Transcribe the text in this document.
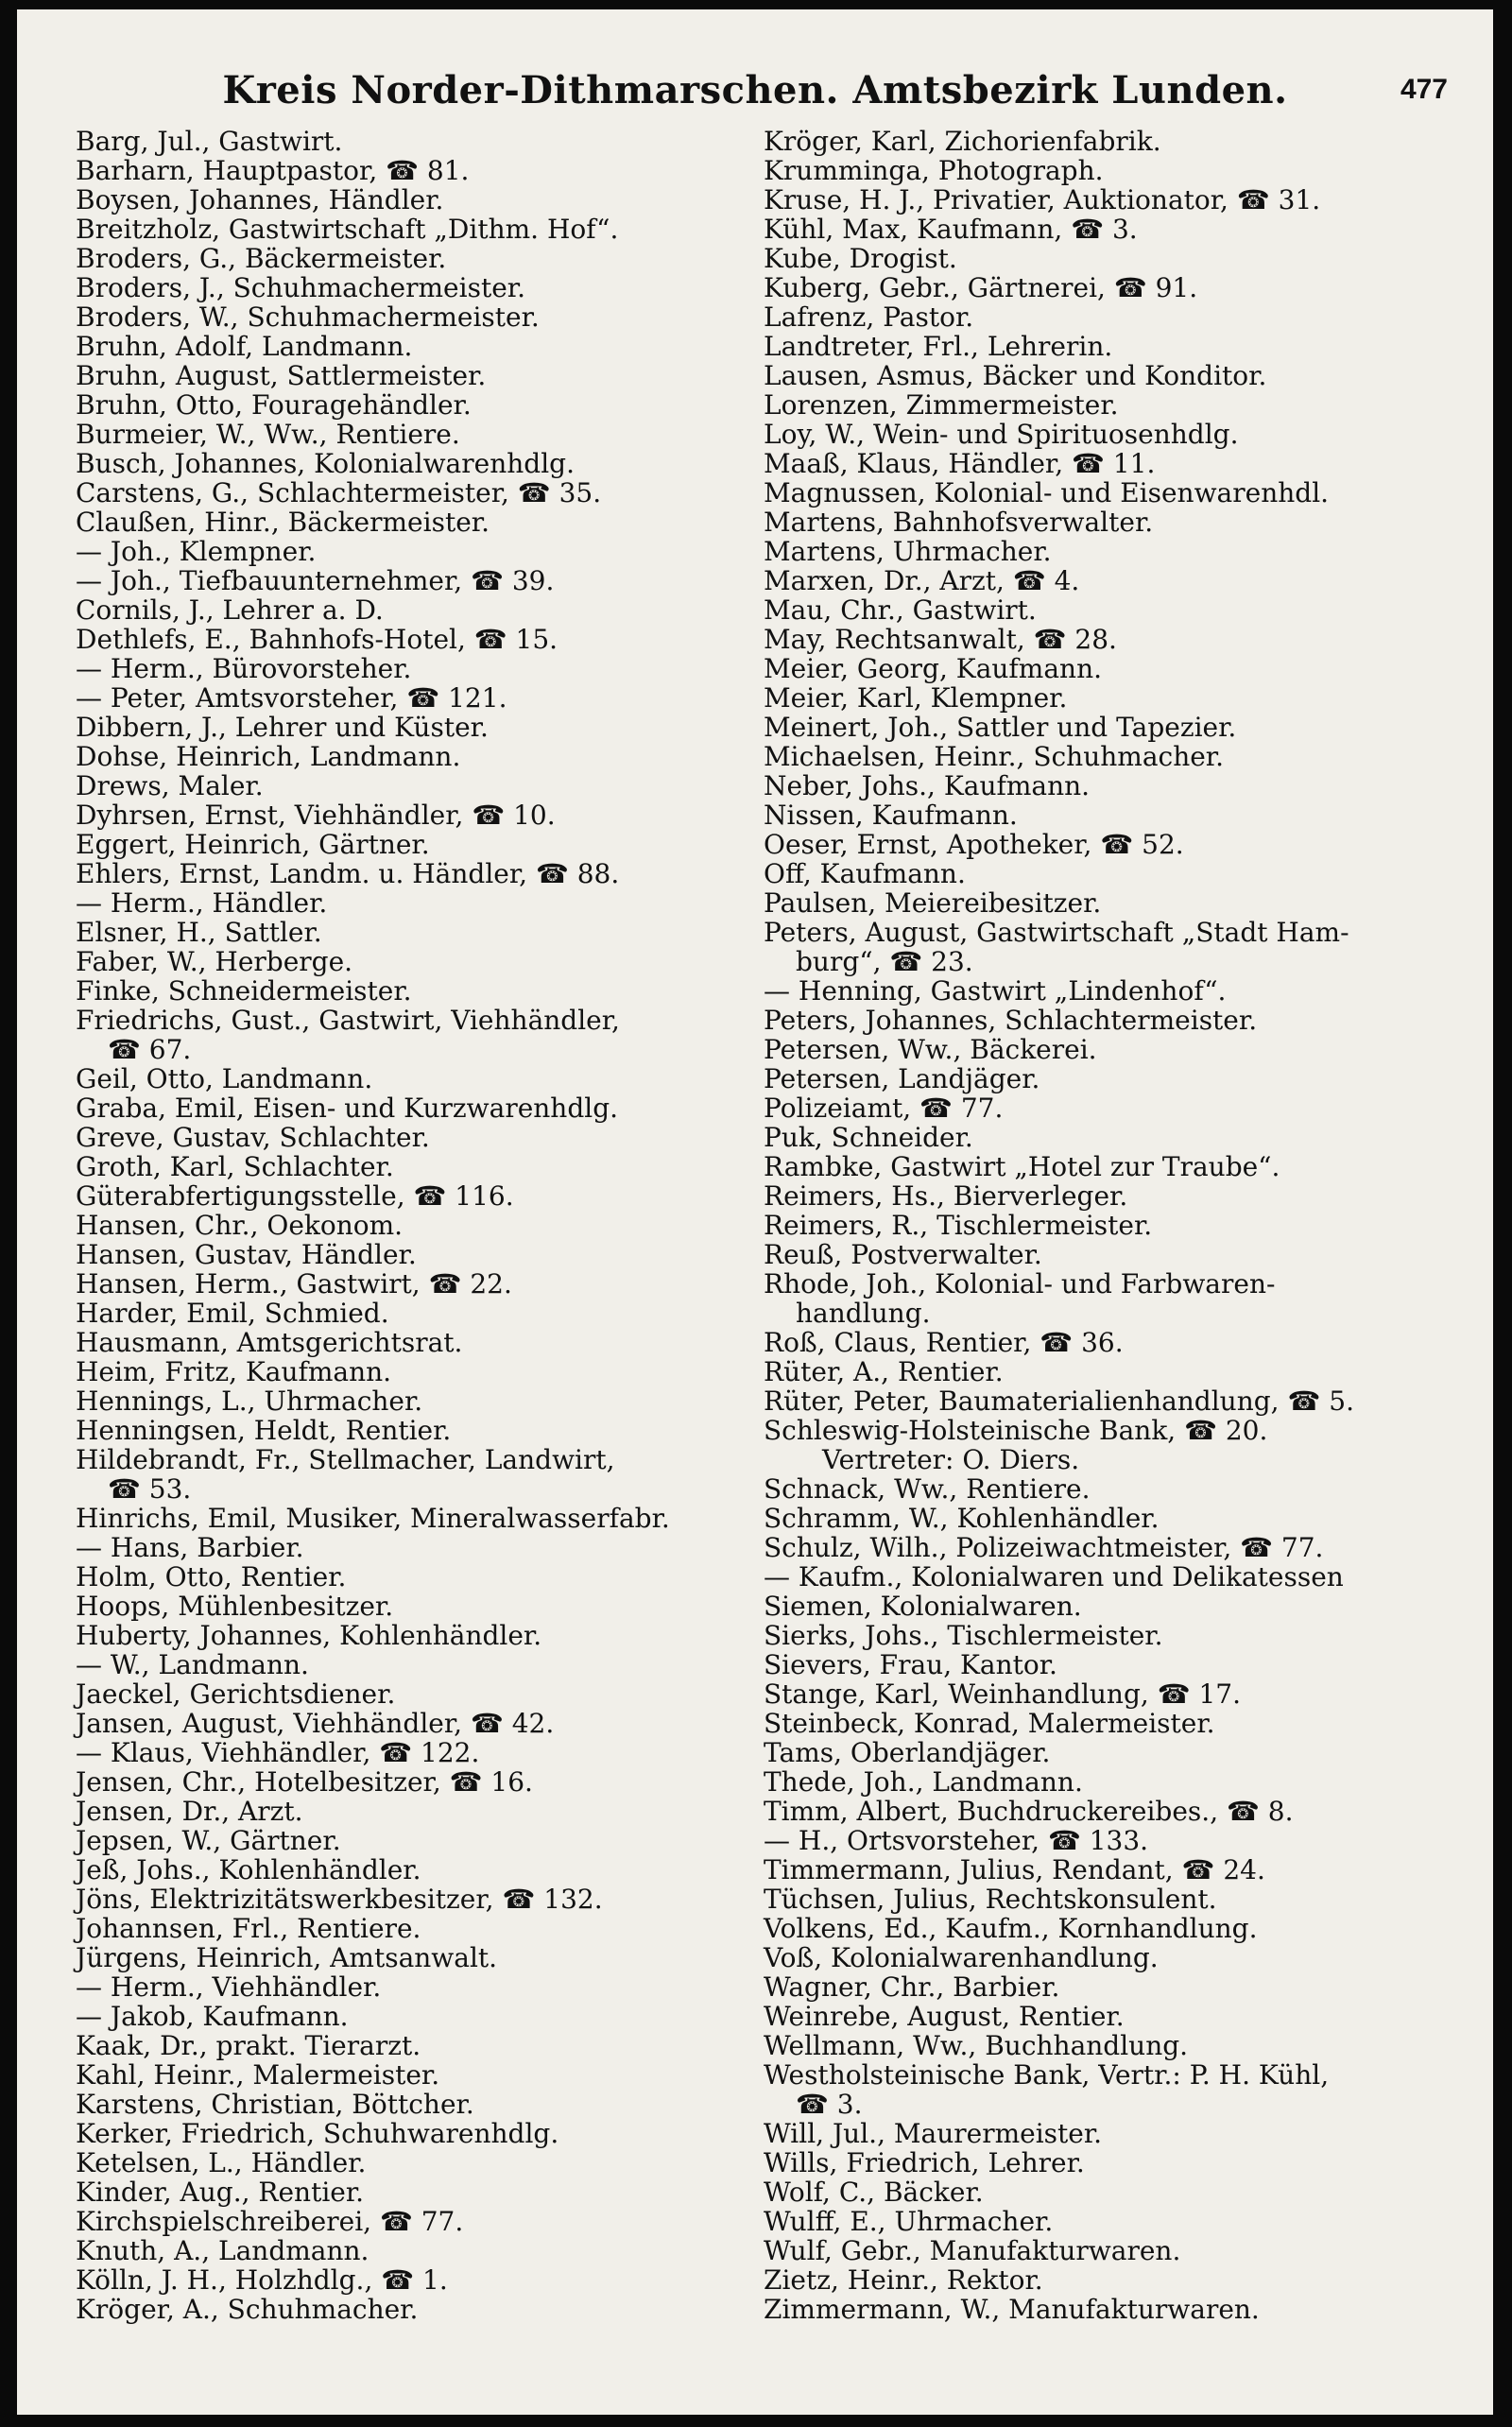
Kreis Norder-Dithmarschen. Amtsbezirk Lunden.	477
Barg, Jul., Gastwirt.
Barharn, Hauptpastor, ☎ 81.
Boysen, Johannes, Händler.
Breitzholz, Gastwirtschaft „Dithm. Hof“.
Broders, G., Bäckermeister.
Broders, J., Schuhmachermeister.
Broders, W., Schuhmachermeister.
Bruhn, Adolf, Landmann.
Bruhn, August, Sattlermeister.
Bruhn, Otto, Fouragehändler.
Burmeier, W., Ww., Rentiere.
Busch, Johannes, Kolonialwarenhdlg.
Carstens, G., Schlachtermeister, ☎ 35.
Claußen, Hinr., Bäckermeister.
— Joh., Klempner.
— Joh., Tiefbauunternehmer, ☎ 39.
Cornils, J., Lehrer a. D.
Dethlefs, E., Bahnhofs-Hotel, ☎ 15.
— Herm., Bürovorsteher.
— Peter, Amtsvorsteher, ☎ 121.
Dibbern, J., Lehrer und Küster.
Dohse, Heinrich, Landmann.
Drews, Maler.
Dyhrsen, Ernst, Viehhändler, ☎ 10.
Eggert, Heinrich, Gärtner.
Ehlers, Ernst, Landm. u. Händler, ☎ 88.
— Herm., Händler.
Elsner, H., Sattler.
Faber, W., Herberge.
Finke, Schneidermeister.
Friedrichs, Gust., Gastwirt, Viehhändler,
☎ 67.
Geil, Otto, Landmann.
Graba, Emil, Eisen- und Kurzwarenhdlg.
Greve, Gustav, Schlachter.
Groth, Karl, Schlachter.
Güterabfertigungsstelle, ☎ 116.
Hansen, Chr., Oekonom.
Hansen, Gustav, Händler.
Hansen, Herm., Gastwirt, ☎ 22.
Harder, Emil, Schmied.
Hausmann, Amtsgerichtsrat.
Heim, Fritz, Kaufmann.
Hennings, L., Uhrmacher.
Henningsen, Heldt, Rentier.
Hildebrandt, Fr., Stellmacher, Landwirt,
☎ 53.
Hinrichs, Emil, Musiker, Mineralwasserfabr.
— Hans, Barbier.
Holm, Otto, Rentier.
Hoops, Mühlenbesitzer.
Huberty, Johannes, Kohlenhändler.
— W., Landmann.
Jaeckel, Gerichtsdiener.
Jansen, August, Viehhändler, ☎ 42.
— Klaus, Viehhändler, ☎ 122.
Jensen, Chr., Hotelbesitzer, ☎ 16.
Jensen, Dr., Arzt.
Jepsen, W., Gärtner.
Jeß, Johs., Kohlenhändler.
Jöns, Elektrizitätswerkbesitzer, ☎ 132.
Johannsen, Frl., Rentiere.
Jürgens, Heinrich, Amtsanwalt.
— Herm., Viehhändler.
— Jakob, Kaufmann.
Kaak, Dr., prakt. Tierarzt.
Kahl, Heinr., Malermeister.
Karstens, Christian, Böttcher.
Kerker, Friedrich, Schuhwarenhdlg.
Ketelsen, L., Händler.
Kinder, Aug., Rentier.
Kirchspielschreiberei, ☎ 77.
Knuth, A., Landmann.
Kölln, J. H., Holzhdlg., ☎ 1.
Kröger, A., Schuhmacher.
Kröger, Karl, Zichorienfabrik.
Krumminga, Photograph.
Kruse, H. J., Privatier, Auktionator, ☎ 31.
Kühl, Max, Kaufmann, ☎ 3.
Kube, Drogist.
Kuberg, Gebr., Gärtnerei, ☎ 91.
Lafrenz, Pastor.
Landtreter, Frl., Lehrerin.
Lausen, Asmus, Bäcker und Konditor.
Lorenzen, Zimmermeister.
Loy, W., Wein- und Spirituosenhdlg.
Maaß, Klaus, Händler, ☎ 11.
Magnussen, Kolonial- und Eisenwarenhdl.
Martens, Bahnhofsverwalter.
Martens, Uhrmacher.
Marxen, Dr., Arzt, ☎ 4.
Mau, Chr., Gastwirt.
May, Rechtsanwalt, ☎ 28.
Meier, Georg, Kaufmann.
Meier, Karl, Klempner.
Meinert, Joh., Sattler und Tapezier.
Michaelsen, Heinr., Schuhmacher.
Neber, Johs., Kaufmann.
Nissen, Kaufmann.
Oeser, Ernst, Apotheker, ☎ 52.
Off, Kaufmann.
Paulsen, Meiereibesitzer.
Peters, August, Gastwirtschaft „Stadt Ham-
burg“, ☎ 23.
— Henning, Gastwirt „Lindenhof“.
Peters, Johannes, Schlachtermeister.
Petersen, Ww., Bäckerei.
Petersen, Landjäger.
Polizeiamt, ☎ 77.
Puk, Schneider.
Rambke, Gastwirt „Hotel zur Traube“.
Reimers, Hs., Bierverleger.
Reimers, R., Tischlermeister.
Reuß, Postverwalter.
Rhode, Joh., Kolonial- und Farbwaren-
handlung.
Roß, Claus, Rentier, ☎ 36.
Rüter, A., Rentier.
Rüter, Peter, Baumaterialienhandlung, ☎ 5.
Schleswig-Holsteinische Bank, ☎ 20.
Vertreter: O. Diers.
Schnack, Ww., Rentiere.
Schramm, W., Kohlenhändler.
Schulz, Wilh., Polizeiwachtmeister, ☎ 77.
— Kaufm., Kolonialwaren und Delikatessen
Siemen, Kolonialwaren.
Sierks, Johs., Tischlermeister.
Sievers, Frau, Kantor.
Stange, Karl, Weinhandlung, ☎ 17.
Steinbeck, Konrad, Malermeister.
Tams, Oberlandjäger.
Thede, Joh., Landmann.
Timm, Albert, Buchdruckereibes., ☎ 8.
— H., Ortsvorsteher, ☎ 133.
Timmermann, Julius, Rendant, ☎ 24.
Tüchsen, Julius, Rechtskonsulent.
Volkens, Ed., Kaufm., Kornhandlung.
Voß, Kolonialwarenhandlung.
Wagner, Chr., Barbier.
Weinrebe, August, Rentier.
Wellmann, Ww., Buchhandlung.
Westholsteinische Bank, Vertr.: P. H. Kühl,
☎ 3.
Will, Jul., Maurermeister.
Wills, Friedrich, Lehrer.
Wolf, C., Bäcker.
Wulff, E., Uhrmacher.
Wulf, Gebr., Manufakturwaren.
Zietz, Heinr., Rektor.
Zimmermann, W., Manufakturwaren.
